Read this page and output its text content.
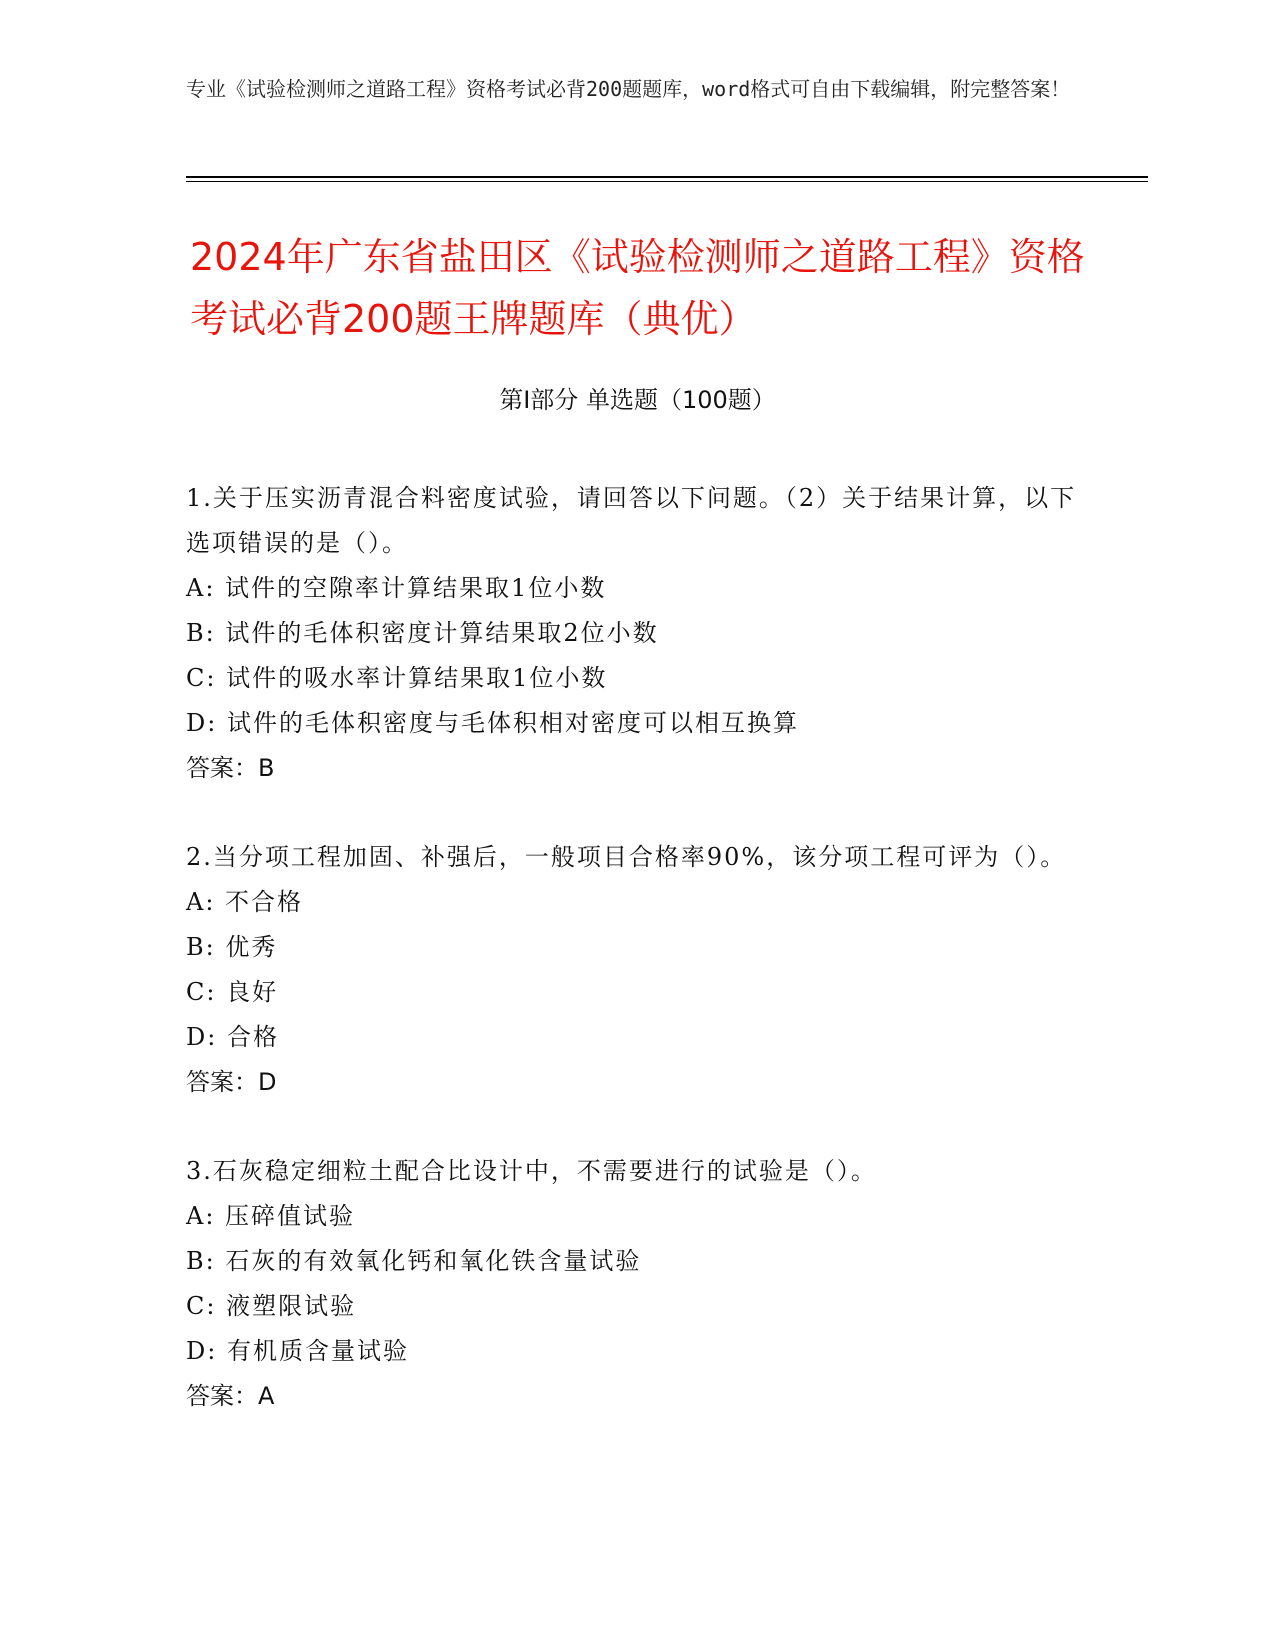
专业《试验检测师之道路工程》资格考试必背200题题库，word格式可自由下载编辑，附完整答案！
2024年广东省盐田区《试验检测师之道路工程》资格考试必背200题王牌题库（典优）
第I部分 单选题（100题）
1.关于压实沥青混合料密度试验，请回答以下问题。（2）关于结果计算，以下选项错误的是（）。
A: 试件的空隙率计算结果取1位小数
B: 试件的毛体积密度计算结果取2位小数
C: 试件的吸水率计算结果取1位小数
D: 试件的毛体积密度与毛体积相对密度可以相互换算
答案：B
2.当分项工程加固、补强后，一般项目合格率90%，该分项工程可评为（）。
A: 不合格
B: 优秀
C: 良好
D: 合格
答案：D
3.石灰稳定细粒土配合比设计中，不需要进行的试验是（）。
A: 压碎值试验
B: 石灰的有效氧化钙和氧化铁含量试验
C: 液塑限试验
D: 有机质含量试验
答案：A
